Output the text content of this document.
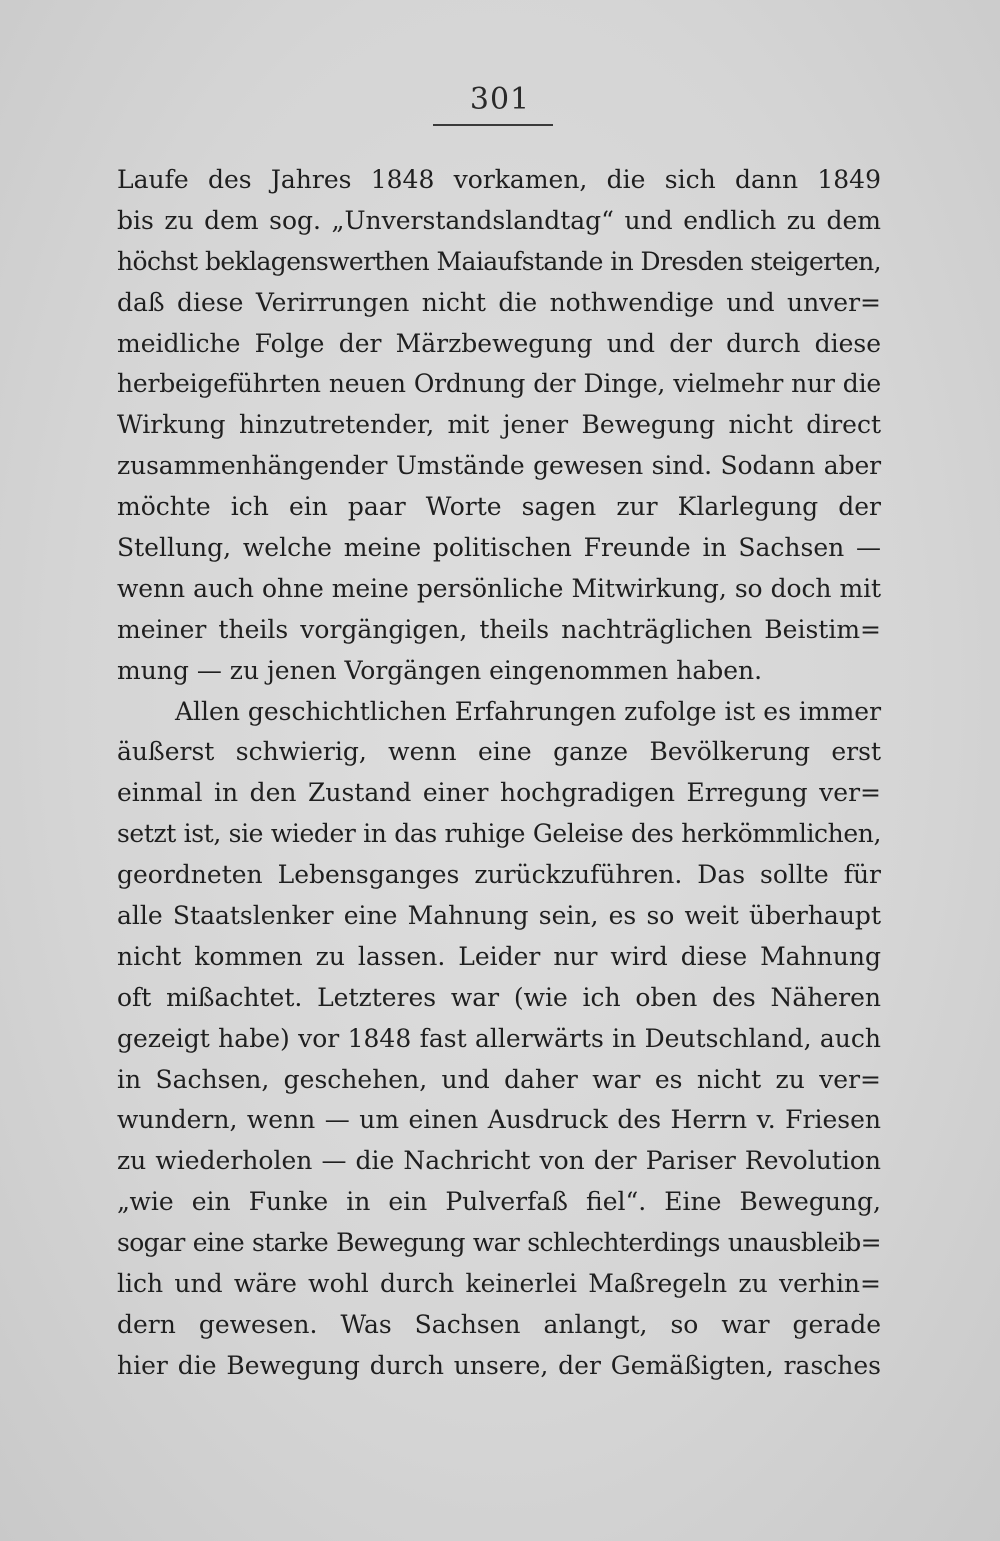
301
Laufe des Jahres 1848 vorkamen, die sich dann 1849
bis zu dem sog. „Unverstandslandtag“ und endlich zu dem
höchst beklagenswerthen Maiaufstande in Dresden steigerten,
daß diese Verirrungen nicht die nothwendige und unver=
meidliche Folge der Märzbewegung und der durch diese
herbeigeführten neuen Ordnung der Dinge, vielmehr nur die
Wirkung hinzutretender, mit jener Bewegung nicht direct
zusammenhängender Umstände gewesen sind. Sodann aber
möchte ich ein paar Worte sagen zur Klarlegung der
Stellung, welche meine politischen Freunde in Sachsen —
wenn auch ohne meine persönliche Mitwirkung, so doch mit
meiner theils vorgängigen, theils nachträglichen Beistim=
mung — zu jenen Vorgängen eingenommen haben.
Allen geschichtlichen Erfahrungen zufolge ist es immer
äußerst schwierig, wenn eine ganze Bevölkerung erst
einmal in den Zustand einer hochgradigen Erregung ver=
setzt ist, sie wieder in das ruhige Geleise des herkömmlichen,
geordneten Lebensganges zurückzuführen. Das sollte für
alle Staatslenker eine Mahnung sein, es so weit überhaupt
nicht kommen zu lassen. Leider nur wird diese Mahnung
oft mißachtet. Letzteres war (wie ich oben des Näheren
gezeigt habe) vor 1848 fast allerwärts in Deutschland, auch
in Sachsen, geschehen, und daher war es nicht zu ver=
wundern, wenn — um einen Ausdruck des Herrn v. Friesen
zu wiederholen — die Nachricht von der Pariser Revolution
„wie ein Funke in ein Pulverfaß fiel“. Eine Bewegung,
sogar eine starke Bewegung war schlechterdings unausbleib=
lich und wäre wohl durch keinerlei Maßregeln zu verhin=
dern gewesen. Was Sachsen anlangt, so war gerade
hier die Bewegung durch unsere, der Gemäßigten, rasches
